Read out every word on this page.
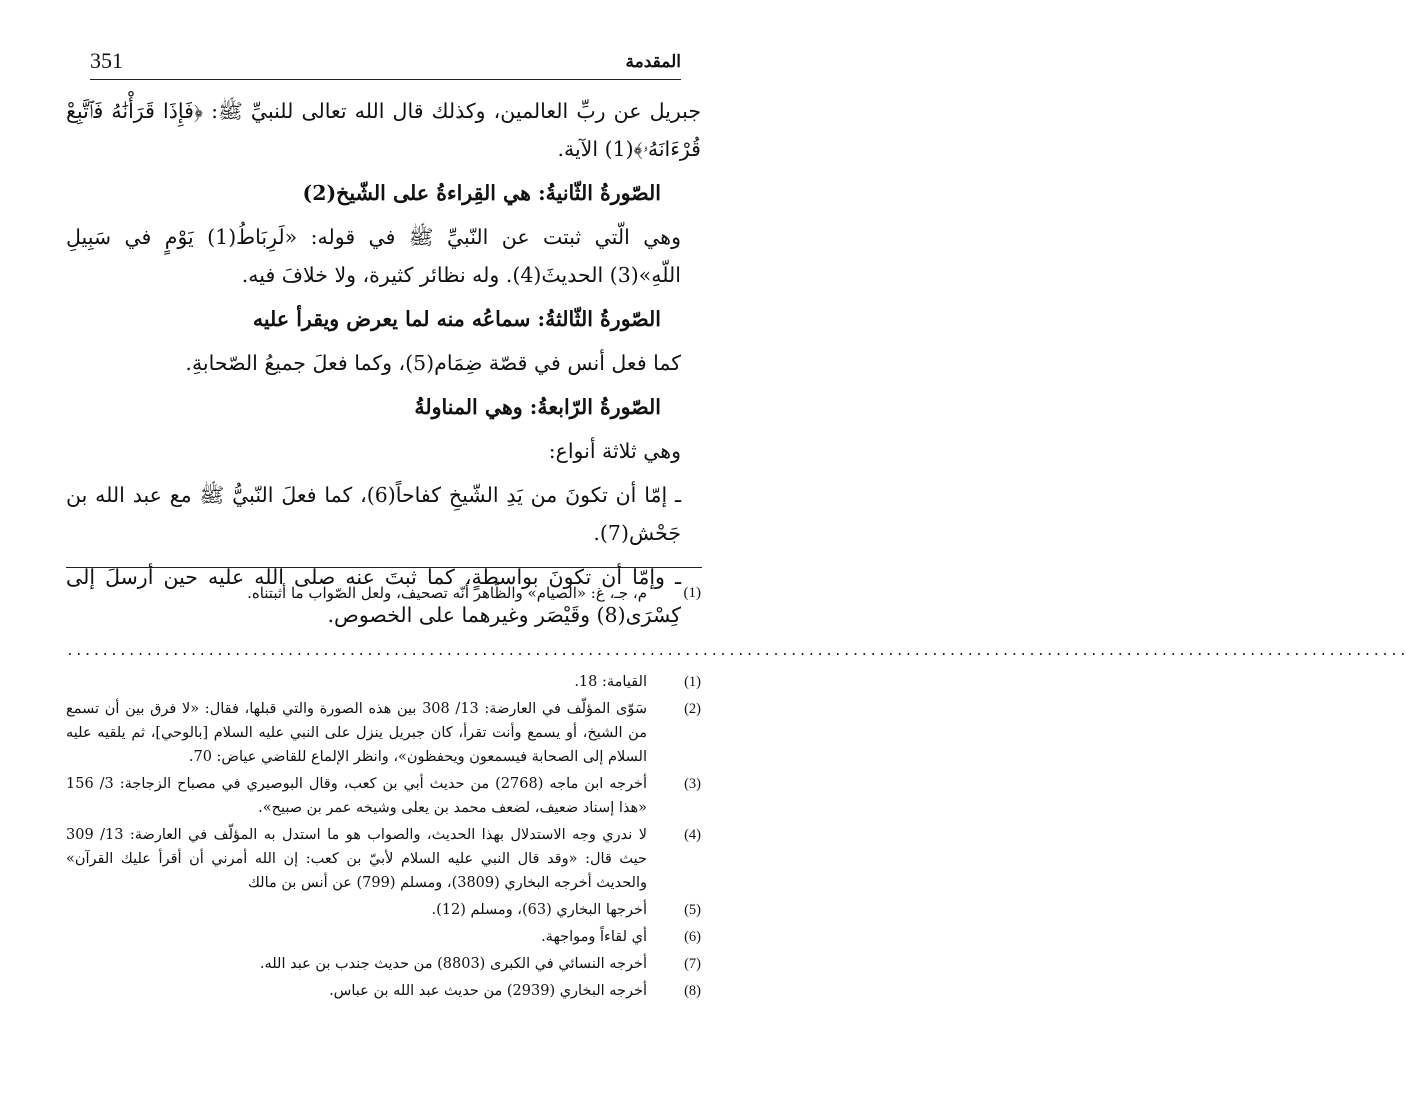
351	المقدمة

جبريل عن ربِّ العالمين، وكذلك قال الله تعالى للنبيِّ ﷺ: ﴿فَإِذَا قَرَأْنَٰهُ فَٱتَّبِعْ قُرْءَانَهُۥ﴾(1) الآية.

الصّورةُ الثّانيةُ: هي القِراءةُ على الشّيخ(2)

وهي الّتي ثبتت عن النّبيِّ ﷺ في قوله: «لَرِبَاطُ(1) يَوْمٍ في سَبِيلِ اللّهِ»(3) الحديثَ(4). وله نظائر كثيرة، ولا خلافَ فيه.

الصّورةُ الثّالثةُ: سماعُه منه لما يعرض ويقرأ عليه

كما فعل أنس في قصّة ضِمَام(5)، وكما فعلَ جميعُ الصّحابةِ.

الصّورةُ الرّابعةُ: وهي المناولةُ

وهي ثلاثة أنواع:

ـ إمّا أن تكونَ من يَدِ الشّيخِ كفاحاً(6)، كما فعلَ النّبيُّ ﷺ مع عبد الله بن جَحْش(7).

ـ وإمّا أن تكونَ بواسطةٍ، كما ثبتَ عنه صلى الله عليه حين أرسلَ إلى كِسْرَى(8) وقَيْصَر وغيرهما على الخصوص.

(1)
م، جـ، غ: «الصيام» والظّاهر أنّه تصحيف، ولعل الصّواب ما أثبتناه.
........................................................................................................................................................
(1)
القيامة: 18.
(2)
سَوّى المؤلّف في العارضة: 13/ 308 بين هذه الصورة والتي قبلها، فقال: «لا فرق بين أن تسمع من الشيخ، أو يسمع وأنت تقرأ، كان جبريل ينزل على النبي عليه السلام [بالوحي]، ثم يلقيه عليه السلام إلى الصحابة فيسمعون ويحفظون»، وانظر الإلماع للقاضي عياض: 70.
(3)
أخرجه ابن ماجه (2768) من حديث أبي بن كعب، وقال البوصيري في مصباح الزجاجة: 3/ 156 «هذا إسناد ضعيف، لضعف محمد بن يعلى وشيخه عمر بن صبيح».
(4)
لا ندري وجه الاستدلال بهذا الحديث، والصواب هو ما استدل به المؤلّف في العارضة: 13/ 309 حيث قال: «وقد قال النبي عليه السلام لأبيّ بن كعب: إن الله أمرني أن أقرأ عليك القرآن» والحديث أخرجه البخاري (3809)، ومسلم (799) عن أنس بن مالك
(5)
أخرجها البخاري (63)، ومسلم (12).
(6)
أي لقاءاً ومواجهة.
(7)
أخرجه النسائي في الكبرى (8803) من حديث جندب بن عبد الله.
(8)
أخرجه البخاري (2939) من حديث عبد الله بن عباس.
